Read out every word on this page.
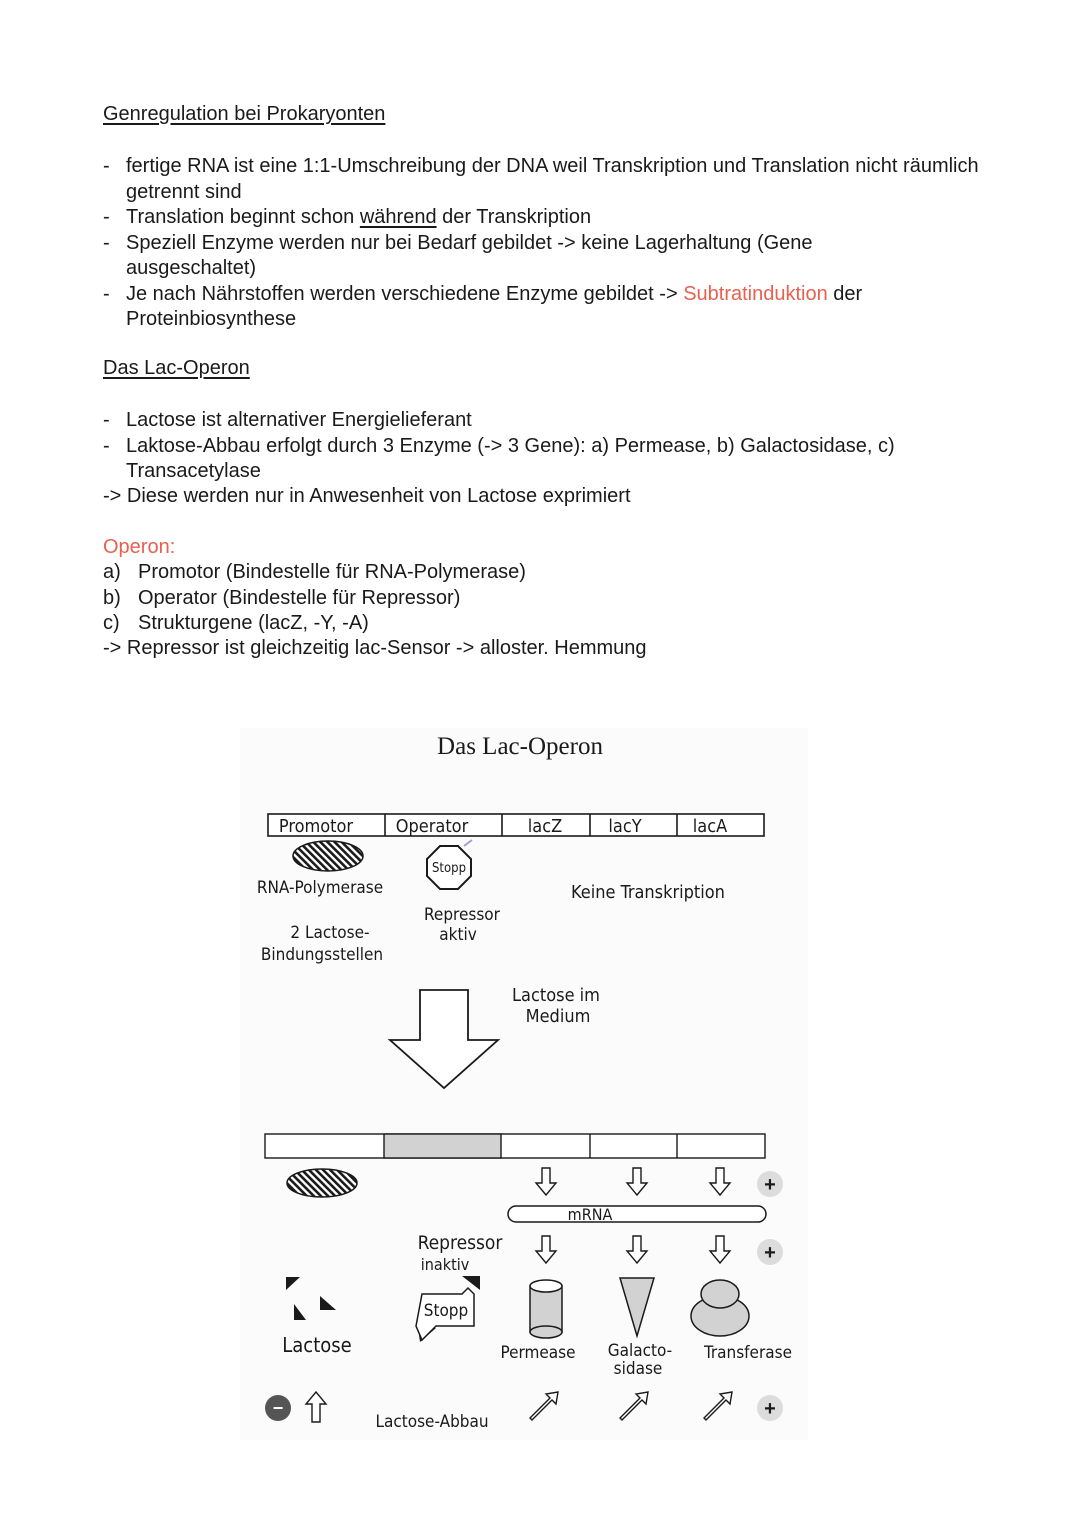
Genregulation bei Prokaryonten
- fertige RNA ist eine 1:1-Umschreibung der DNA weil Transkription und Translation nicht räumlich getrennt sind
- Translation beginnt schon während der Transkription
- Speziell Enzyme werden nur bei Bedarf gebildet -> keine Lagerhaltung (Gene ausgeschaltet)
- Je nach Nährstoffen werden verschiedene Enzyme gebildet -> Subtratinduktion der Proteinbiosynthese
Das Lac-Operon
- Lactose ist alternativer Energielieferant
- Laktose-Abbau erfolgt durch 3 Enzyme (-> 3 Gene): a) Permease, b) Galactosidase, c) Transacetylase
-> Diese werden nur in Anwesenheit von Lactose exprimiert
Operon:
a) Promotor (Bindestelle für RNA-Polymerase)
b) Operator (Bindestelle für Repressor)
c) Strukturgene (lacZ, -Y, -A)
-> Repressor ist gleichzeitig lac-Sensor -> alloster. Hemmung
Das Lac-Operon
Promotor Operator	lacZ	lacY	lacA
RNA-Polymerase
Stopp
Repressor
aktiv
2 Lactose-
Bindungsstellen
Keine Transkription
Lactose im
Medium
+
mRNA
+
Repressor
inaktiv
Stopp
Lactose	Permease Galacto-
sidase
Transferase
−
Lactose-Abbau
+
